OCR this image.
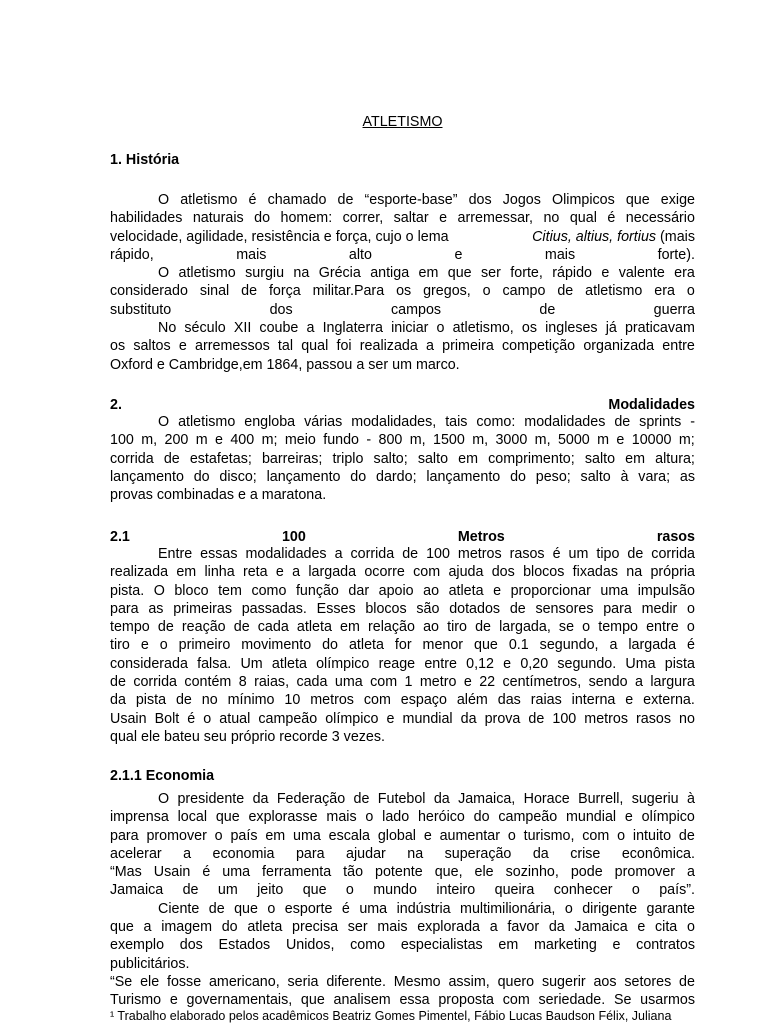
ATLETISMO
1. História
O atletismo é chamado de “esporte-base” dos Jogos Olimpicos que exige
habilidades naturais do homem: correr, saltar e arremessar, no qual é necessário
velocidade, agilidade, resistência e força, cujo o lema	Citius, altius, fortius (mais
rápido,	mais	alto	e	mais	forte).
O atletismo surgiu na Grécia antiga em que ser forte, rápido e valente era
considerado sinal de força militar.Para os gregos, o campo de atletismo era o
substituto	dos	campos	de	guerra
No século XII coube a Inglaterra iniciar o atletismo, os ingleses já praticavam
os saltos e arremessos tal qual foi realizada a primeira competição organizada entre
Oxford e Cambridge,em 1864, passou a ser um marco.
2.	Modalidades
O atletismo engloba várias modalidades, tais como: modalidades de sprints -
100 m, 200 m e 400 m; meio fundo - 800 m, 1500 m, 3000 m, 5000 m e 10000 m;
corrida de estafetas; barreiras; triplo salto; salto em comprimento; salto em altura;
lançamento do disco; lançamento do dardo; lançamento do peso; salto à vara; as
provas combinadas e a maratona.
2.1	100	Metros	rasos
Entre essas modalidades a corrida de 100 metros rasos é um tipo de corrida
realizada em linha reta e a largada ocorre com ajuda dos blocos fixadas na própria
pista. O bloco tem como função dar apoio ao atleta e proporcionar uma impulsão
para as primeiras passadas. Esses blocos são dotados de sensores para medir o
tempo de reação de cada atleta em relação ao tiro de largada, se o tempo entre o
tiro e o primeiro movimento do atleta for menor que 0.1 segundo, a largada é
considerada falsa. Um atleta olímpico reage entre 0,12 e 0,20 segundo. Uma pista
de corrida contém 8 raias, cada uma com 1 metro e 22 centímetros, sendo a largura
da pista de no mínimo 10 metros com espaço além das raias interna e externa.
Usain Bolt é o atual campeão olímpico e mundial da prova de 100 metros rasos no
qual ele bateu seu próprio recorde 3 vezes.
2.1.1 Economia
O presidente da Federação de Futebol da Jamaica, Horace Burrell, sugeriu à
imprensa local que explorasse mais o lado heróico do campeão mundial e olímpico
para promover o país em uma escala global e aumentar o turismo, com o intuito de
acelerar a economia para ajudar na superação da crise econômica.
“Mas Usain é uma ferramenta tão potente que, ele sozinho, pode promover a
Jamaica de um jeito que o mundo inteiro queira conhecer o país”.
Ciente de que o esporte é uma indústria multimilionária, o dirigente garante
que a imagem do atleta precisa ser mais explorada a favor da Jamaica e cita o
exemplo dos Estados Unidos, como especialistas em marketing e contratos
publicitários.
“Se ele fosse americano, seria diferente. Mesmo assim, quero sugerir aos setores de
Turismo e governamentais, que analisem essa proposta com seriedade. Se usarmos
¹ Trabalho elaborado pelos acadêmicos Beatriz Gomes Pimentel, Fábio Lucas Baudson Félix, Juliana
